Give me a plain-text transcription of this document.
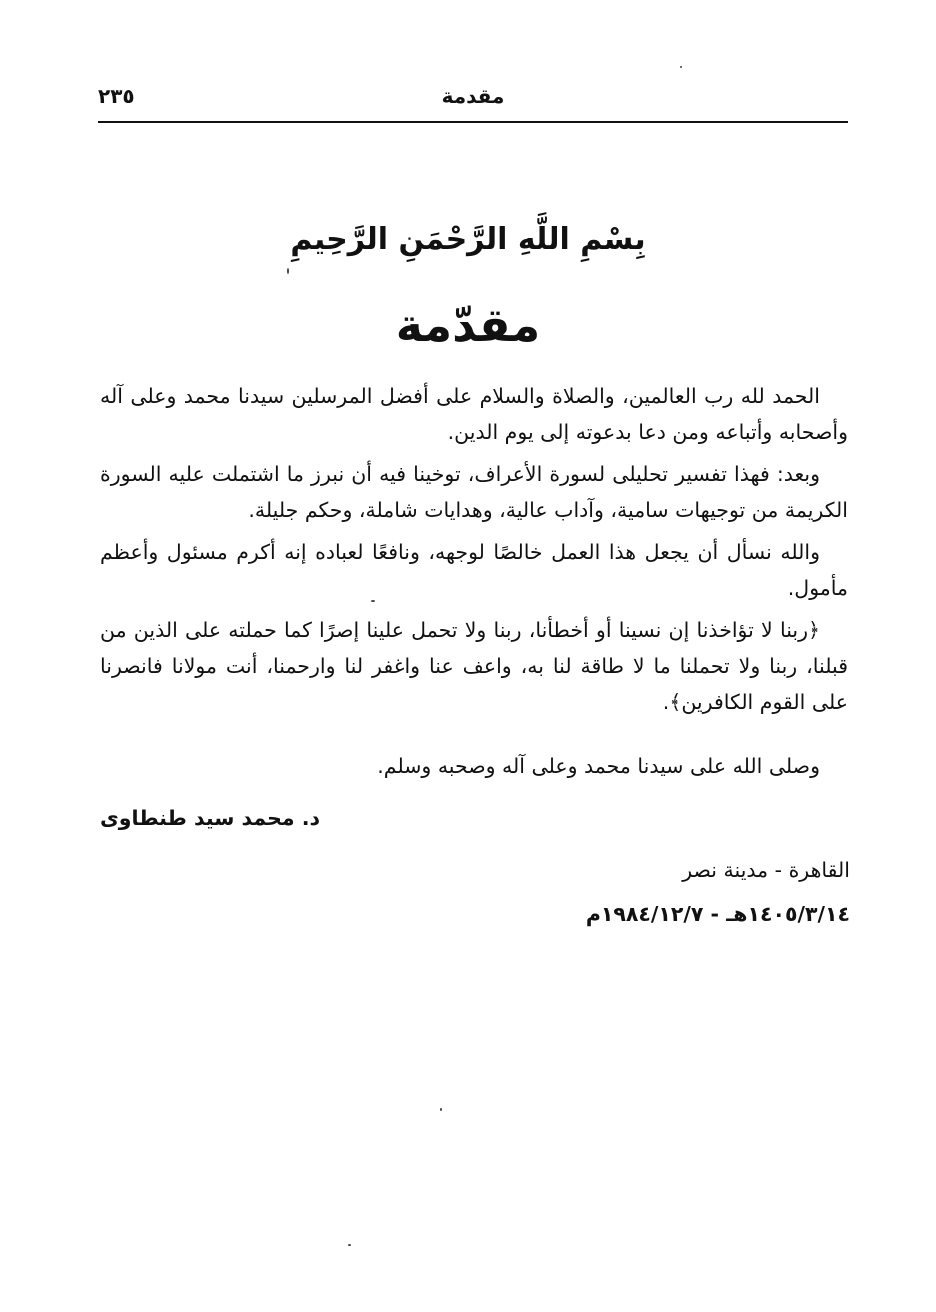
مقدمة
٢٣٥
بِسْمِ اللَّهِ الرَّحْمَنِ الرَّحِيمِ
مقدّمة

الحمد لله رب العالمين، والصلاة والسلام على أفضل المرسلين سيدنا محمد وعلى آله وأصحابه وأتباعه ومن دعا بدعوته إلى يوم الدين.

وبعد: فهذا تفسير تحليلى لسورة الأعراف، توخينا فيه أن نبرز ما اشتملت عليه السورة الكريمة من توجيهات سامية، وآداب عالية، وهدايات شاملة، وحكم جليلة.

والله نسأل أن يجعل هذا العمل خالصًا لوجهه، ونافعًا لعباده إنه أكرم مسئول وأعظم مأمول.

﴿ربنا لا تؤاخذنا إن نسينا أو أخطأنا، ربنا ولا تحمل علينا إصرًا كما حملته على الذين من قبلنا، ربنا ولا تحملنا ما لا طاقة لنا به، واعف عنا واغفر لنا وارحمنا، أنت مولانا فانصرنا على القوم الكافرين﴾.

وصلى الله على سيدنا محمد وعلى آله وصحبه وسلم.
د. محمد سيد طنطاوى
القاهرة - مدينة نصر
١٤٠٥/٣/١٤هـ - ١٩٨٤/١٢/٧م
